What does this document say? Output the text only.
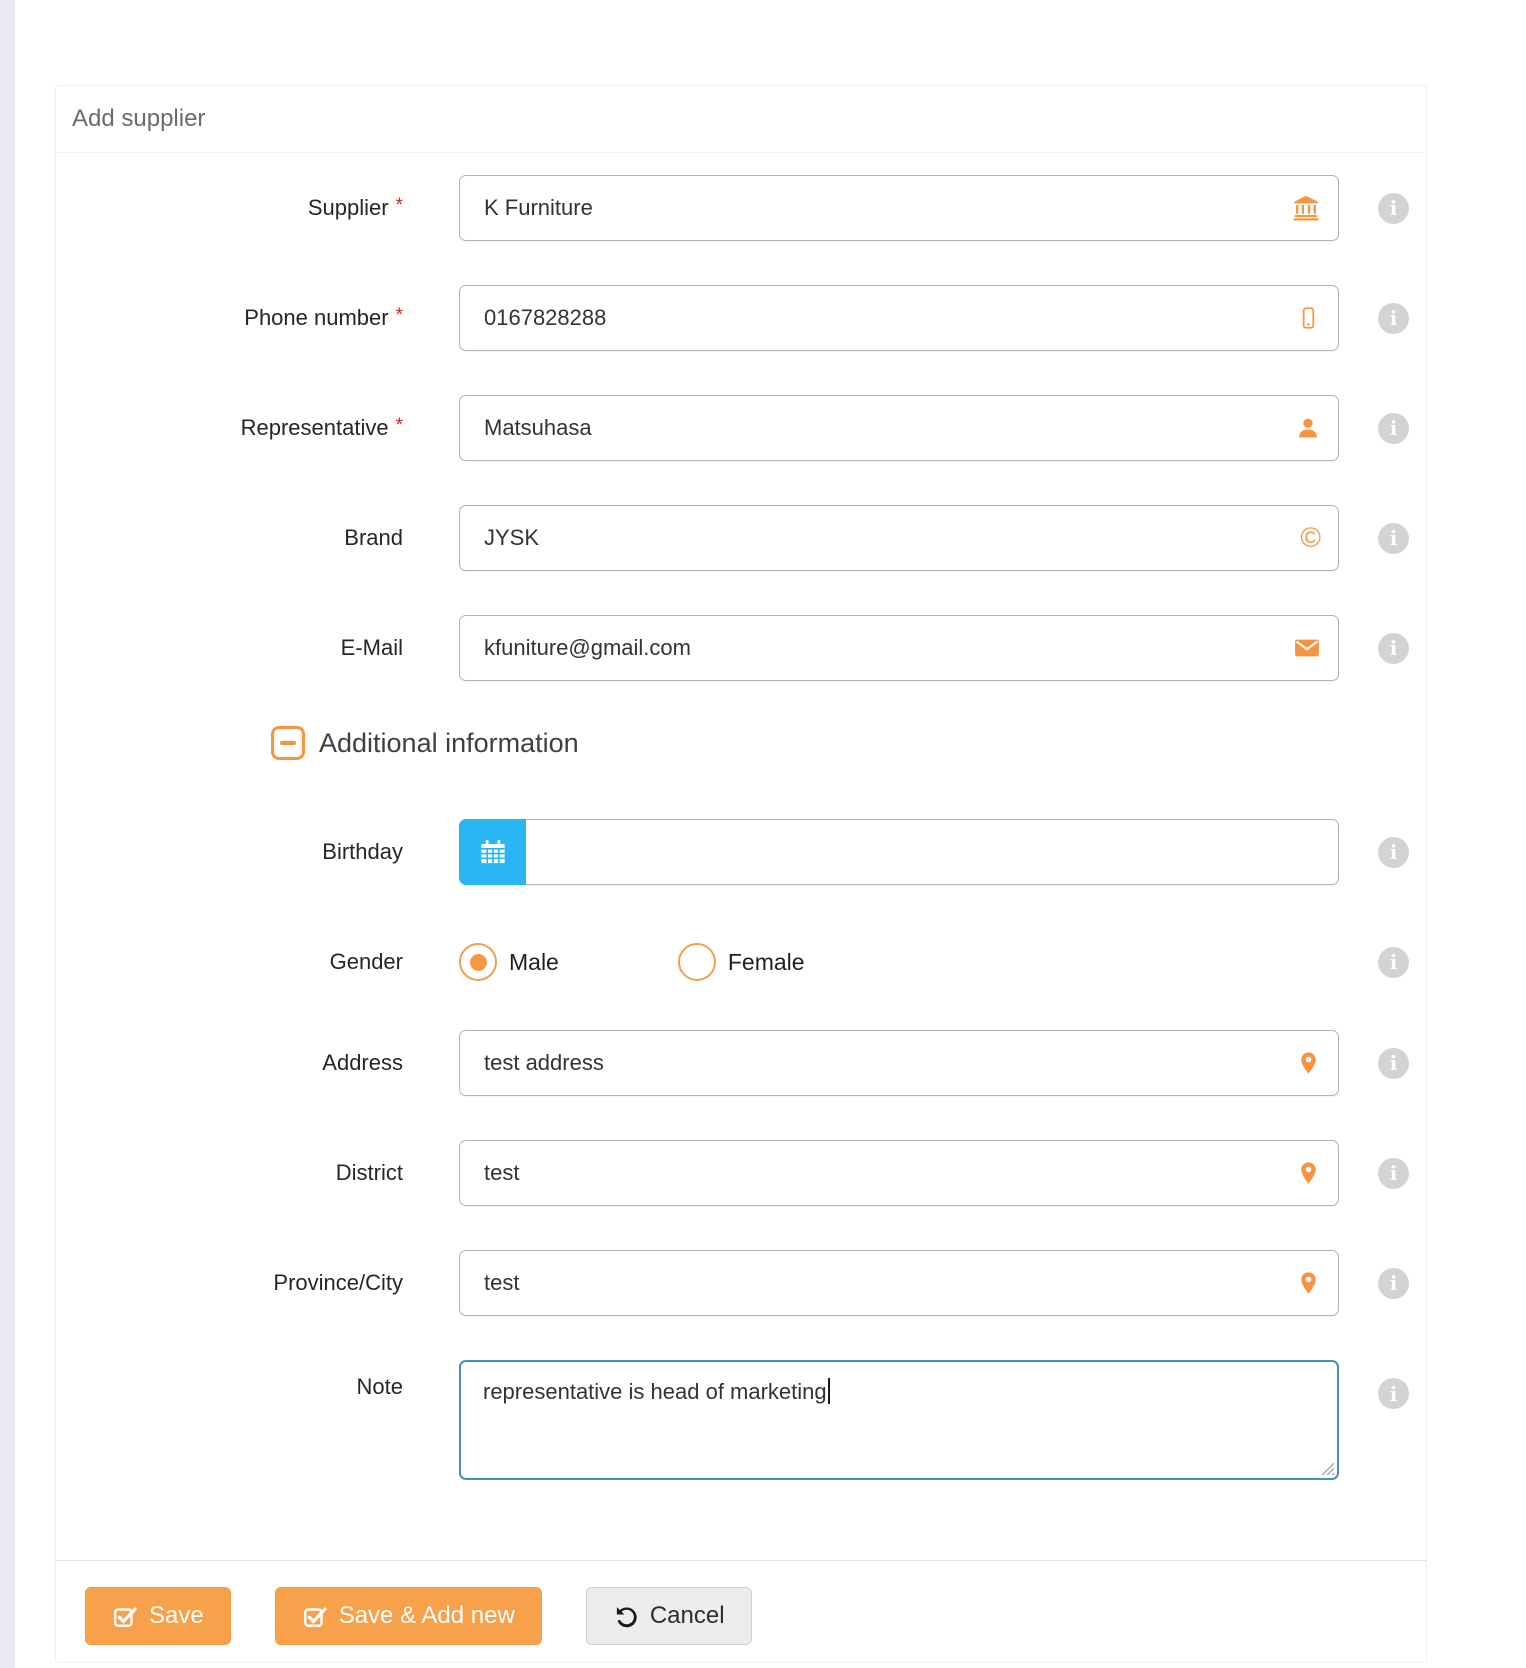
Add supplier
Supplier *
K Furniture	i
Phone number *
0167828288	i
Representative *
Matsuhasa	i
Brand
JYSK	©	i
E-Mail
kfuniture@gmail.com	i
Additional information
Birthday	i
Gender	Male	Female	i
Address
test address	i
District
test	i
Province/City
test	i
Note	representative is head of marketing	i
Save	Save & Add new	Cancel
